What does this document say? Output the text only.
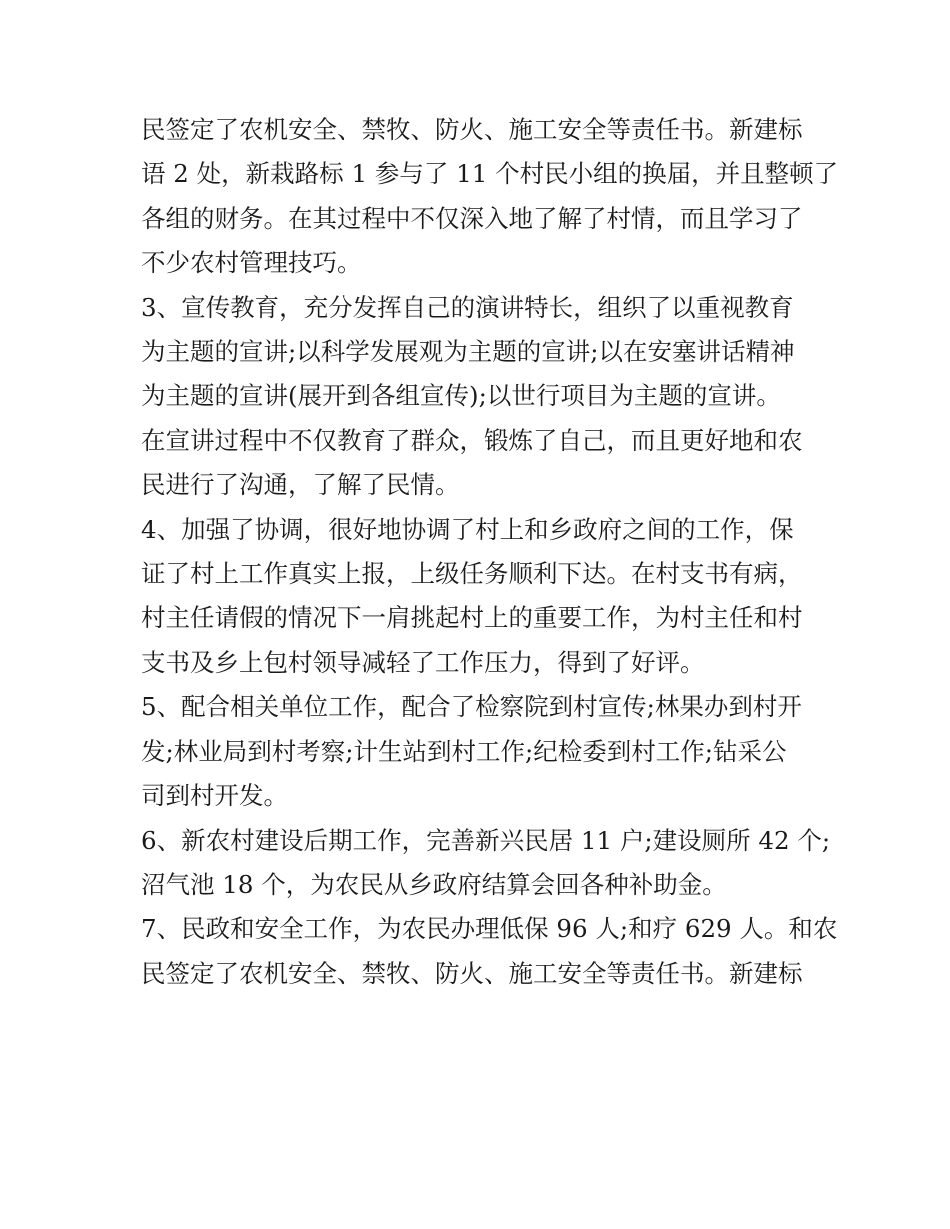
民签定了农机安全、禁牧、防火、施工安全等责任书。新建标

语 2 处，新栽路标 1 参与了 11 个村民小组的换届，并且整顿了

各组的财务。在其过程中不仅深入地了解了村情，而且学习了

不少农村管理技巧。

3、宣传教育，充分发挥自己的演讲特长，组织了以重视教育

为主题的宣讲;以科学发展观为主题的宣讲;以在安塞讲话精神

为主题的宣讲(展开到各组宣传);以世行项目为主题的宣讲。

在宣讲过程中不仅教育了群众，锻炼了自己，而且更好地和农

民进行了沟通，了解了民情。

4、加强了协调，很好地协调了村上和乡政府之间的工作，保

证了村上工作真实上报，上级任务顺利下达。在村支书有病，

村主任请假的情况下一肩挑起村上的重要工作，为村主任和村

支书及乡上包村领导减轻了工作压力，得到了好评。

5、配合相关单位工作，配合了检察院到村宣传;林果办到村开

发;林业局到村考察;计生站到村工作;纪检委到村工作;钻采公

司到村开发。

6、新农村建设后期工作，完善新兴民居 11 户;建设厕所 42 个;

沼气池 18 个，为农民从乡政府结算会回各种补助金。

7、民政和安全工作，为农民办理低保 96 人;和疗 629 人。和农

民签定了农机安全、禁牧、防火、施工安全等责任书。新建标
